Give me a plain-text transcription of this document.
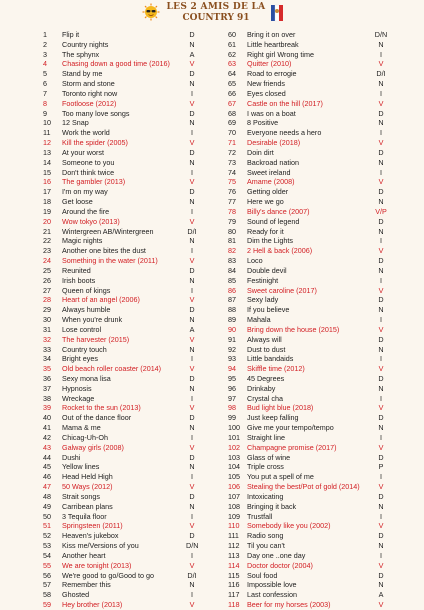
LES 2 AMIS DE LA
COUNTRY 91
1	Flip it	D
2	Country nights	N
3	The sphynx	A
4	Chasing down a good time (2016)	V
5	Stand by me	D
6	Storm and stone	N
7	Toronto right now	I
8	Footloose (2012)	V
9	Too many love songs	D
10	12 Snap	N
11	Work the world	I
12	Kill the spider (2005)	V
13	At your worst	D
14	Someone to you	N
15	Don't think twice	I
16	The gambler (2013)	V
17	I'm on my way	D
18	Get loose	N
19	Around the fire	I
20	Wow tokyo (2013)	V
21	Wintergreen AB/Wintergreen	D/I
22	Magic nights	N
23	Another one bites the dust	I
24	Something in the water (2011)	V
25	Reunited	D
26	Irish boots	N
27	Queen of kings	I
28	Heart of an angel (2006)	V
29	Always humble	D
30	When you're drunk	N
31	Lose control	A
32	The harvester (2015)	V
33	Country touch	N
34	Bright eyes	I
35	Old beach roller coaster (2014)	V
36	Sexy mona lisa	D
37	Hypnosis	N
38	Wreckage	I
39	Rocket to the sun (2013)	V
40	Out of the dance floor	D
41	Mama & me	N
42	Chicag-Uh-Oh	I
43	Galway girls (2008)	V
44	Dushi	D
45	Yellow lines	N
46	Head Held High	I
47	50 Ways (2012)	V
48	Strait songs	D
49	Carribean plans	N
50	3 Tequila floor	I
51	Springsteen (2011)	V
52	Heaven's jukebox	D
53	Kiss me/Versions of you	D/N
54	Another heart	I
55	We are tonight (2013)	V
56	We're good to go/Good to go	D/I
57	Remember this	N
58	Ghosted	I
59	Hey brother (2013)	V
60	Bring it on over	D/N
61	Little heartbreak	N
62	Right girl Wrong time	I
63	Quitter (2010)	V
64	Road to errogie	D/I
65	New friends	N
66	Eyes closed	I
67	Castle on the hill (2017)	V
68	I was on a boat	D
69	8 Positive	N
70	Everyone needs a hero	I
71	Desirable (2018)	V
72	Doin dirt	D
73	Backroad nation	N
74	Sweet ireland	I
75	Amame (2008)	V
76	Getting older	D
77	Here we go	N
78	Billy's dance (2007)	V/P
79	Sound of legend	D
80	Ready for it	N
81	Dim the Lights	I
82	2 Hell & back (2006)	V
83	Loco	D
84	Double devil	N
85	Festinight	I
86	Sweet caroline (2017)	V
87	Sexy lady	D
88	If you believe	N
89	Mahala	I
90	Bring down the house (2015)	V
91	Always will	D
92	Dust to dust	N
93	Little bandaids	I
94	Skiffle time (2012)	V
95	45 Degrees	D
96	Drinkaby	N
97	Crystal cha	I
98	Bud light blue (2018)	V
99	Just keep falling	D
100 Give me your tempo/tempo	N
101 Straight line	I
102 Champagne promise (2017)	V
103 Glass of wine	D
104 Triple cross	P
105 You put a spell of me	I
106 Stealing the best/Pot of gold (2014)	V
107 Intoxicating	D
108 Bringing it back	N
109 Trustfall	I
110	Somebody like you (2002)	V
111	Radio song	D
112	Til you can't	N
113	Day one ..one day	I
114	Doctor doctor (2004)	V
115	Soul food	D
116	Impossible love	N
117	Last confession	A
118	Beer for my horses (2003)	V
